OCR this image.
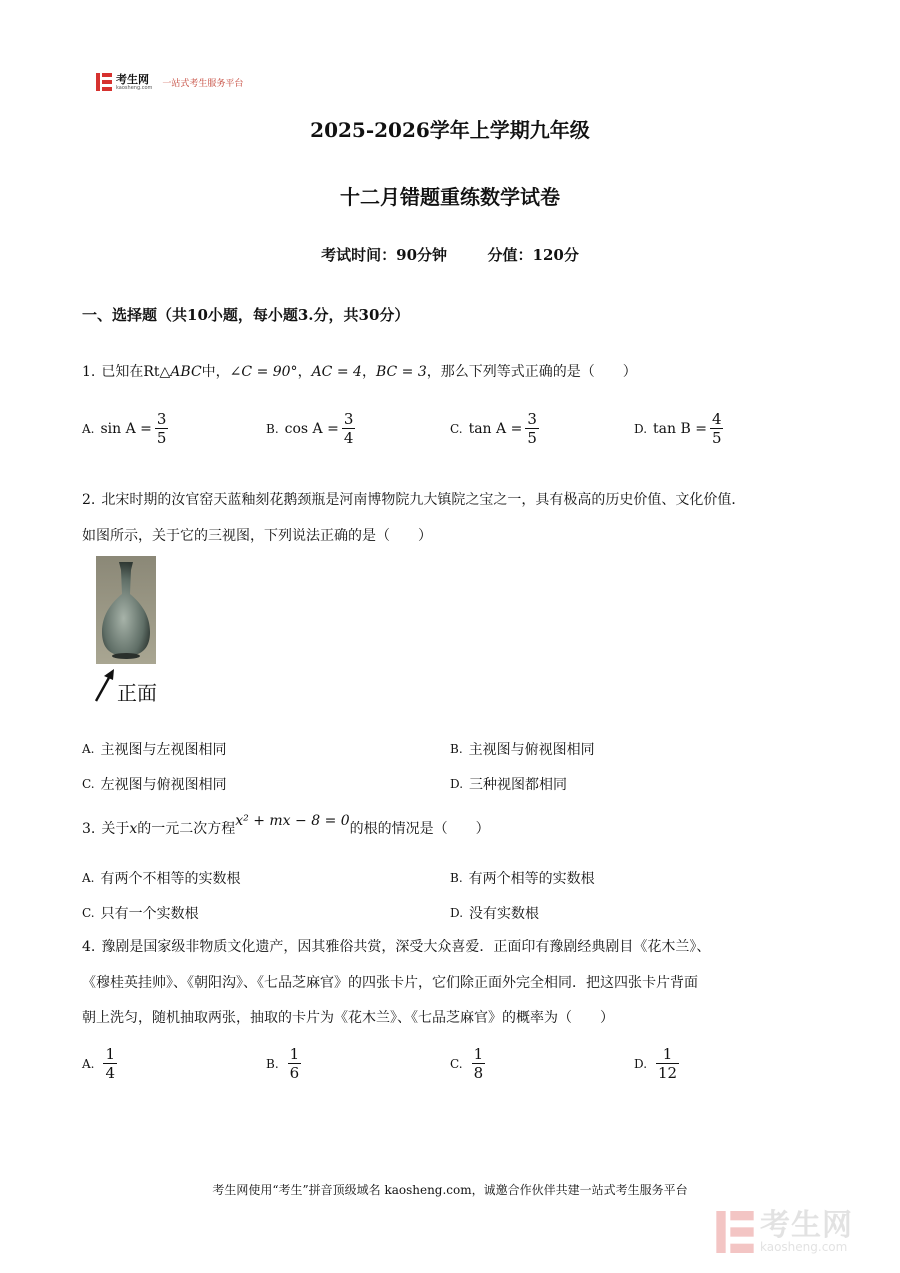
考生网
kaosheng.com 一站式考生服务平台
2025-2026学年上学期九年级
十二月错题重练数学试卷
考试时间：90分钟	分值：120分
一、选择题（共10小题，每小题3.分，共30分）
1. 已知在Rt△ABC中，∠C = 90°，AC = 4，BC = 3，那么下列等式正确的是（　　）
A. $\sin A = \frac{3}{5}$	B. $\cos A = \frac{3}{4}$	C. $\tan A = \frac{3}{5}$	D. $\tan B = \frac{4}{5}$
2. 北宋时期的汝官窑天蓝釉刻花鹅颈瓶是河南博物院九大镇院之宝之一，具有极高的历史价值、文化价值．
如图所示，关于它的三视图，下列说法正确的是（　　）
正面
A. 主视图与左视图相同	B. 主视图与俯视图相同
C. 左视图与俯视图相同	D. 三种视图都相同
3. 关于x的一元二次方程x² + mx − 8 = 0的根的情况是（　　）
A. 有两个不相等的实数根	B. 有两个相等的实数根
C. 只有一个实数根	D. 没有实数根
4. 豫剧是国家级非物质文化遗产，因其雅俗共赏，深受大众喜爱．正面印有豫剧经典剧目《花木兰》、
《穆桂英挂帅》、《朝阳沟》、《七品芝麻官》的四张卡片，它们除正面外完全相同．把这四张卡片背面
朝上洗匀，随机抽取两张，抽取的卡片为《花木兰》、《七品芝麻官》的概率为（　　）
A. $\frac{1}{4}$	B. $\frac{1}{6}$	C. $\frac{1}{8}$	D. $\frac{1}{12}$
考生网使用“考生”拼音顶级域名 kaosheng.com，诚邀合作伙伴共建一站式考生服务平台
考生网
kaosheng.com
